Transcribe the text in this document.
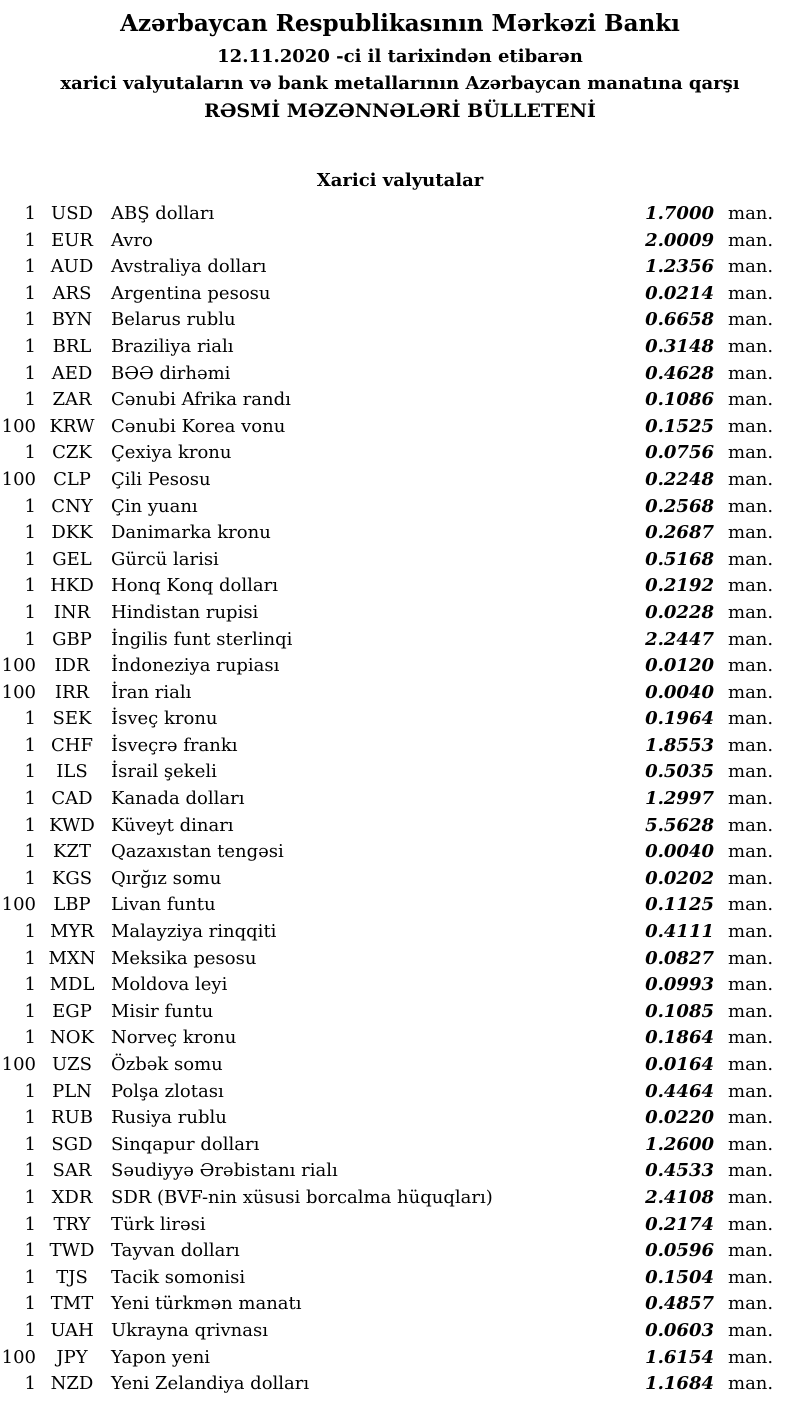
Azərbaycan Respublikasının Mərkəzi Bankı
12.11.2020 -ci il tarixindən etibarən
xarici valyutaların və bank metallarının Azərbaycan manatına qarşı
RƏSMİ MƏZƏNNƏLƏRİ BÜLLETENİ
Xarici valyutalar
1 USD	ABŞ dolları	1.7000 man.
1 EUR	Avro	2.0009 man.
1 AUD Avstraliya dolları	1.2356 man.
1 ARS	Argentina pesosu	0.0214 man.
1 BYN	Belarus rublu	0.6658 man.
1 BRL	Braziliya rialı	0.3148 man.
1 AED	BƏƏ dirhəmi	0.4628 man.
1 ZAR	Cənubi Afrika randı	0.1086 man.
100 KRW Cənubi Korea vonu	0.1525 man.
1 CZK	Çexiya kronu	0.0756 man.
100 CLP	Çili Pesosu	0.2248 man.
1 CNY	Çin yuanı	0.2568 man.
1 DKK	Danimarka kronu	0.2687 man.
1 GEL	Gürcü larisi	0.5168 man.
1 HKD Honq Konq dolları	0.2192 man.
1 INR	Hindistan rupisi	0.0228 man.
1 GBP	İngilis funt sterlinqi	2.2447 man.
100	IDR	İndoneziya rupiası	0.0120 man.
100	IRR	İran rialı	0.0040 man.
1 SEK	İsveç kronu	0.1964 man.
1 CHF	İsveçrə frankı	1.8553 man.
1	ILS	İsrail şekeli	0.5035 man.
1 CAD	Kanada dolları	1.2997 man.
1 KWD Küveyt dinarı	5.5628 man.
1 KZT	Qazaxıstan tengəsi	0.0040 man.
1 KGS	Qırğız somu	0.0202 man.
100 LBP	Livan funtu	0.1125 man.
1 MYR Malayziya rinqqiti	0.4111 man.
1 MXN Meksika pesosu	0.0827 man.
1 MDL Moldova leyi	0.0993 man.
1 EGP	Misir funtu	0.1085 man.
1 NOK Norveç kronu	0.1864 man.
100 UZS	Özbək somu	0.0164 man.
1 PLN	Polşa zlotası	0.4464 man.
1 RUB	Rusiya rublu	0.0220 man.
1 SGD	Sinqapur dolları	1.2600 man.
1 SAR	Səudiyyə Ərəbistanı rialı	0.4533 man.
1 XDR	SDR (BVF-nin xüsusi borcalma hüquqları)	2.4108 man.
1 TRY	Türk lirəsi	0.2174 man.
1 TWD Tayvan dolları	0.0596 man.
1	TJS	Tacik somonisi	0.1504 man.
1 TMT Yeni türkmən manatı	0.4857 man.
1 UAH Ukrayna qrivnası	0.0603 man.
100	JPY	Yapon yeni	1.6154 man.
1 NZD Yeni Zelandiya dolları	1.1684 man.
